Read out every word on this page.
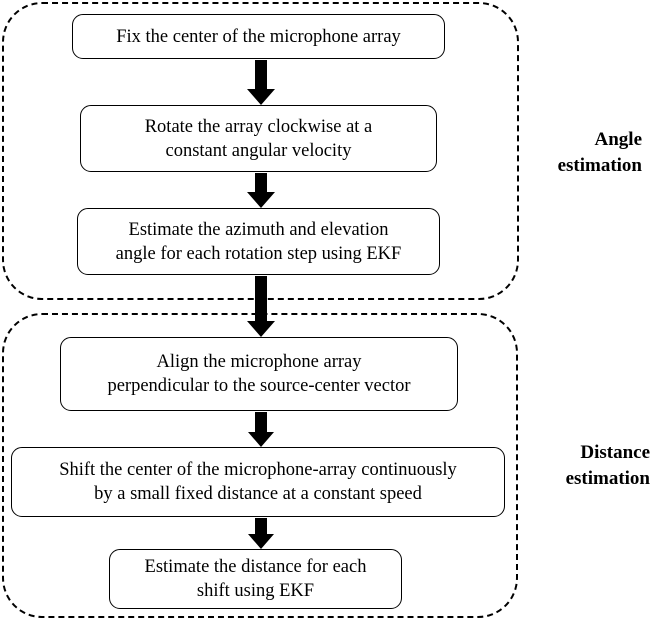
Angle
estimation
Distance
estimation
Fix the center of the microphone array
Rotate the array clockwise at a
constant angular velocity
Estimate the azimuth and elevation
angle for each rotation step using EKF
Align the microphone array
perpendicular to the source-center vector
Shift the center of the microphone-array continuously
by a small fixed distance at a constant speed
Estimate the distance for each
shift using EKF
